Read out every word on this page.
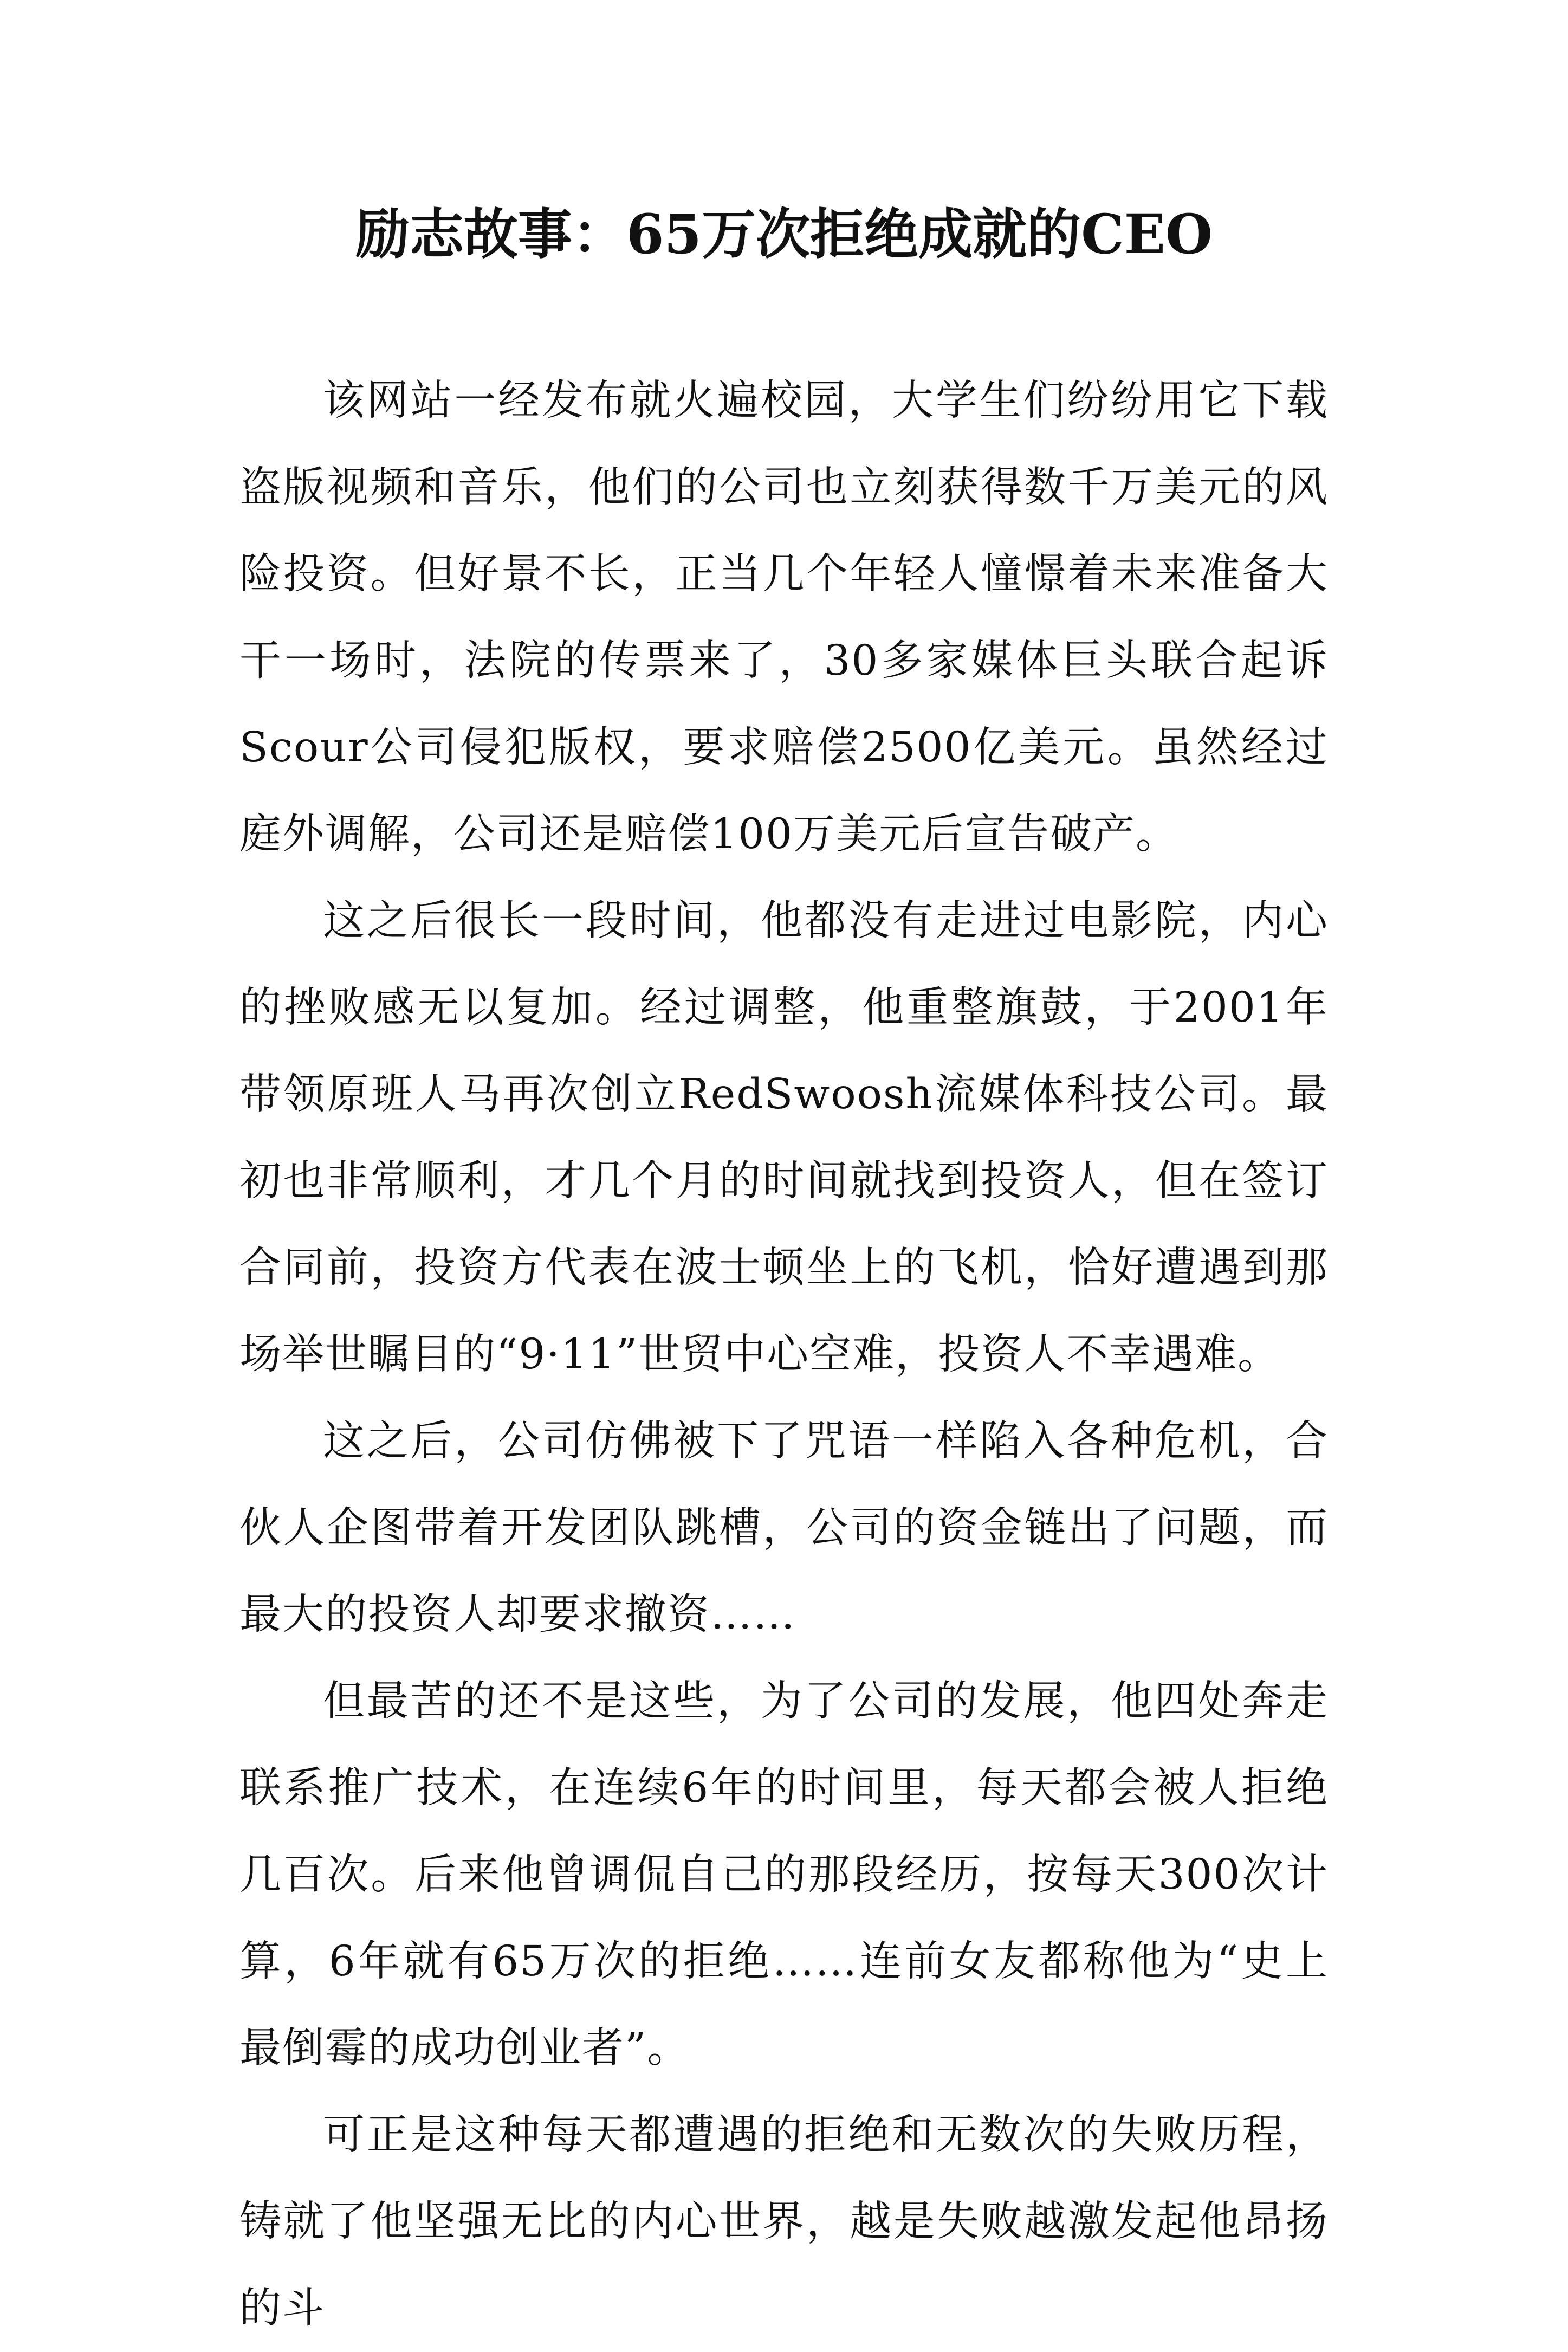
励志故事：65万次拒绝成就的CEO

该网站一经发布就火遍校园，大学生们纷纷用它下载盗版视频和音乐，他们的公司也立刻获得数千万美元的风险投资。但好景不长，正当几个年轻人憧憬着未来准备大干一场时，法院的传票来了，30多家媒体巨头联合起诉Scour公司侵犯版权，要求赔偿2500亿美元。虽然经过庭外调解，公司还是赔偿100万美元后宣告破产。

这之后很长一段时间，他都没有走进过电影院，内心的挫败感无以复加。经过调整，他重整旗鼓，于2001年带领原班人马再次创立RedSwoosh流媒体科技公司。最初也非常顺利，才几个月的时间就找到投资人，但在签订合同前，投资方代表在波士顿坐上的飞机，恰好遭遇到那场举世瞩目的“9·11”世贸中心空难，投资人不幸遇难。

这之后，公司仿佛被下了咒语一样陷入各种危机，合伙人企图带着开发团队跳槽，公司的资金链出了问题，而最大的投资人却要求撤资……

但最苦的还不是这些，为了公司的发展，他四处奔走联系推广技术，在连续6年的时间里，每天都会被人拒绝几百次。后来他曾调侃自己的那段经历，按每天300次计算，6年就有65万次的拒绝……连前女友都称他为“史上最倒霉的成功创业者”。

可正是这种每天都遭遇的拒绝和无数次的失败历程，铸就了他坚强无比的内心世界，越是失败越激发起他昂扬的斗
